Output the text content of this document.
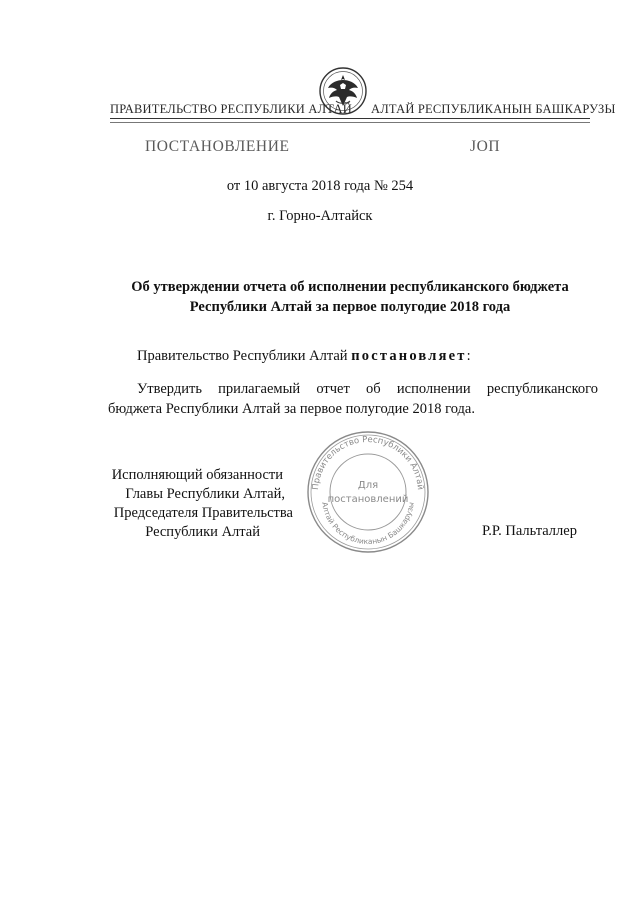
ПРАВИТЕЛЬСТВО РЕСПУБЛИКИ АЛТАЙ АЛТАЙ РЕСПУБЛИКАНЫН БАШКАРУЗЫ
ПОСТАНОВЛЕНИЕ	ЈОП
от 10 августа 2018 года № 254
г. Горно-Алтайск
Об утверждении отчета об исполнении республиканского бюджета
Республики Алтай за первое полугодие 2018 года
Правительство Республики Алтай постановляет:
Утвердить прилагаемый отчет об исполнении республиканского
бюджета Республики Алтай за первое полугодие 2018 года.
Правительство Республики Алтай
Алтай Республиканын Башкарузы
Для
постановлений
Исполняющий обязанности
Главы Республики Алтай,
Председателя Правительства
Республики Алтай	Р.Р. Пальталлер
